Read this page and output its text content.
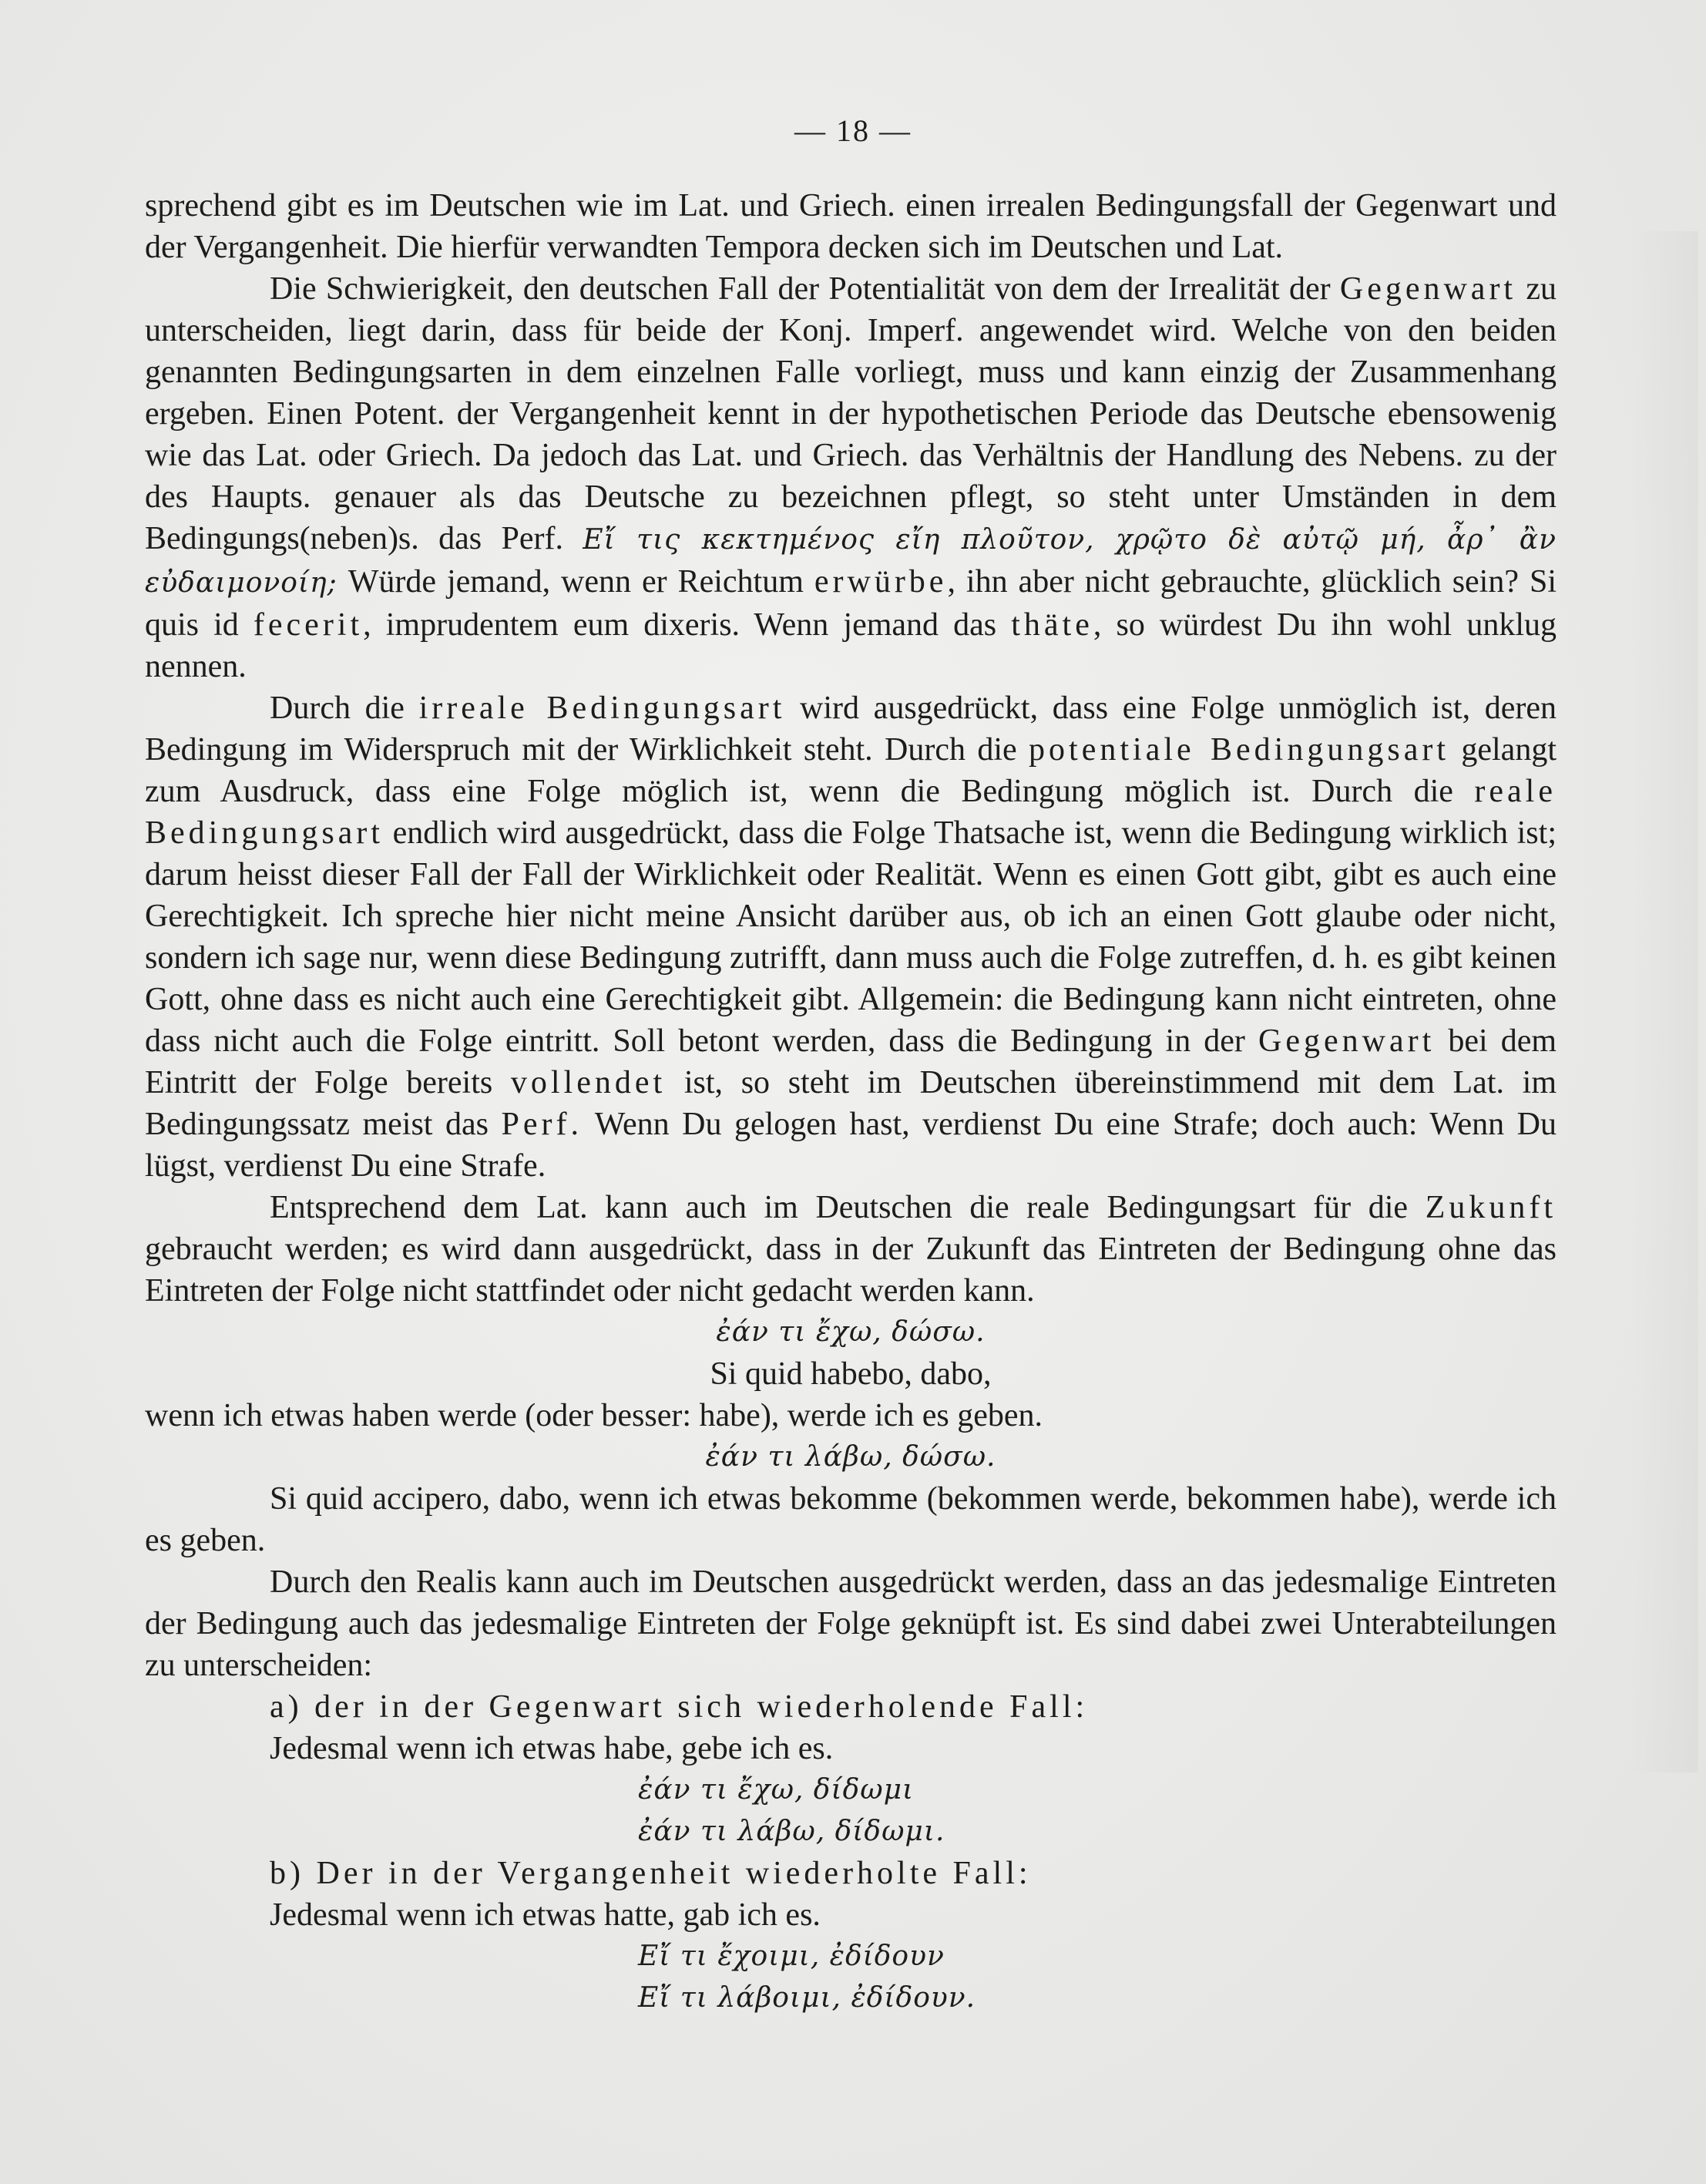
— 18 —

sprechend gibt es im Deutschen wie im Lat. und Griech. einen irrealen Bedingungsfall der Gegenwart und der Vergangenheit. Die hierfür verwandten Tempora decken sich im Deutschen und Lat.

Die Schwierigkeit, den deutschen Fall der Potentialität von dem der Irrealität der Gegenwart zu unterscheiden, liegt darin, dass für beide der Konj. Imperf. angewendet wird. Welche von den beiden genannten Bedingungsarten in dem einzelnen Falle vorliegt, muss und kann einzig der Zusammenhang ergeben. Einen Potent. der Vergangenheit kennt in der hypothetischen Periode das Deutsche ebensowenig wie das Lat. oder Griech. Da jedoch das Lat. und Griech. das Verhältnis der Handlung des Nebens. zu der des Haupts. genauer als das Deutsche zu bezeichnen pflegt, so steht unter Umständen in dem Bedingungs(neben)s. das Perf. Εἴ τις κεκτημένος εἴη πλοῦτον, χρῷτο δὲ αὐτῷ μή, ἆρ᾽ ἂν εὐδαιμονοίη; Würde jemand, wenn er Reichtum erwürbe, ihn aber nicht gebrauchte, glücklich sein? Si quis id fecerit, imprudentem eum dixeris. Wenn jemand das thäte, so würdest Du ihn wohl unklug nennen.

Durch die irreale Bedingungsart wird ausgedrückt, dass eine Folge unmöglich ist, deren Bedingung im Widerspruch mit der Wirklichkeit steht. Durch die potentiale Bedingungsart gelangt zum Ausdruck, dass eine Folge möglich ist, wenn die Bedingung möglich ist. Durch die reale Bedingungsart endlich wird ausgedrückt, dass die Folge Thatsache ist, wenn die Bedingung wirklich ist; darum heisst dieser Fall der Fall der Wirklichkeit oder Realität. Wenn es einen Gott gibt, gibt es auch eine Gerechtigkeit. Ich spreche hier nicht meine Ansicht darüber aus, ob ich an einen Gott glaube oder nicht, sondern ich sage nur, wenn diese Bedingung zutrifft, dann muss auch die Folge zutreffen, d. h. es gibt keinen Gott, ohne dass es nicht auch eine Gerechtigkeit gibt. Allgemein: die Bedingung kann nicht eintreten, ohne dass nicht auch die Folge eintritt. Soll betont werden, dass die Bedingung in der Gegenwart bei dem Eintritt der Folge bereits vollendet ist, so steht im Deutschen übereinstimmend mit dem Lat. im Bedingungssatz meist das Perf. Wenn Du gelogen hast, verdienst Du eine Strafe; doch auch: Wenn Du lügst, verdienst Du eine Strafe.

Entsprechend dem Lat. kann auch im Deutschen die reale Bedingungsart für die Zukunft gebraucht werden; es wird dann ausgedrückt, dass in der Zukunft das Eintreten der Bedingung ohne das Eintreten der Folge nicht stattfindet oder nicht gedacht werden kann.

ἐάν τι ἔχω, δώσω.

Si quid habebo, dabo,

wenn ich etwas haben werde (oder besser: habe), werde ich es geben.

ἐάν τι λάβω, δώσω.

Si quid accipero, dabo, wenn ich etwas bekomme (bekommen werde, bekommen habe), werde ich es geben.

Durch den Realis kann auch im Deutschen ausgedrückt werden, dass an das jedesmalige Eintreten der Bedingung auch das jedesmalige Eintreten der Folge geknüpft ist. Es sind dabei zwei Unterabteilungen zu unterscheiden:

a) der in der Gegenwart sich wiederholende Fall:

Jedesmal wenn ich etwas habe, gebe ich es.

ἐάν τι ἔχω, δίδωμι

ἐάν τι λάβω, δίδωμι.

b) Der in der Vergangenheit wiederholte Fall:

Jedesmal wenn ich etwas hatte, gab ich es.

Εἴ τι ἔχοιμι, ἐδίδουν

Εἴ τι λάβοιμι, ἐδίδουν.
